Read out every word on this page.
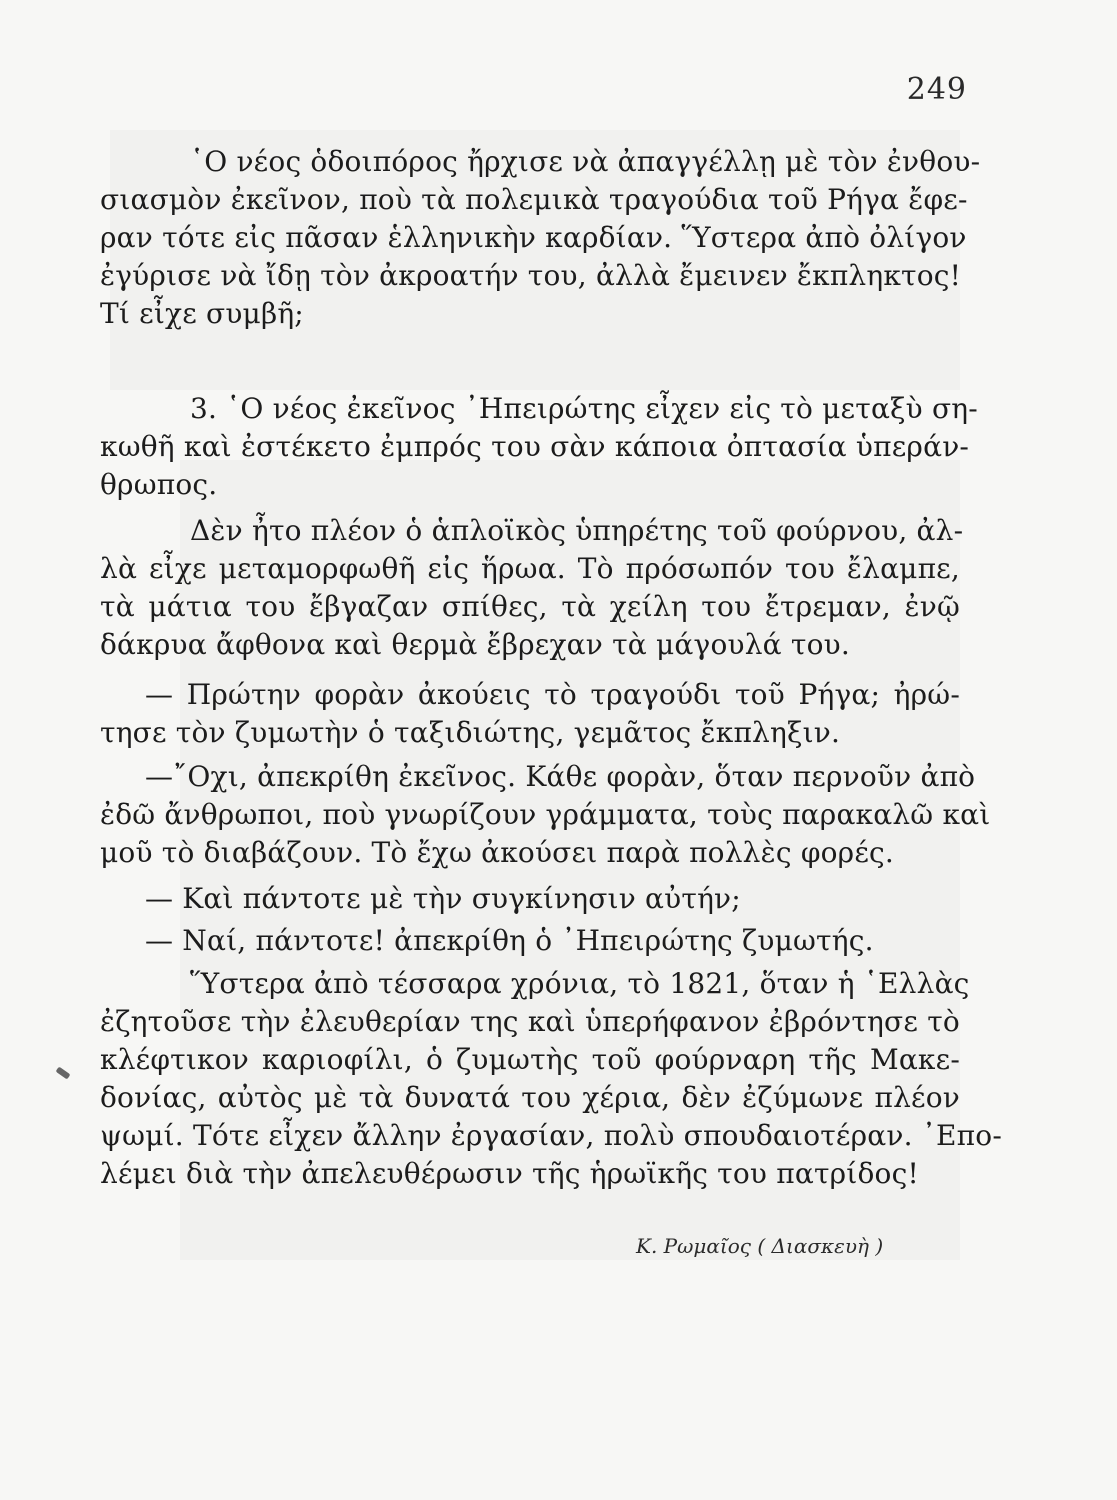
249
῾Ο νέος ὁδοιπόρος ἤρχισε νὰ ἀπαγγέλλῃ μὲ τὸν ἐνθου-
σιασμὸν ἐκεῖνον, ποὺ τὰ πολεμικὰ τραγούδια τοῦ Ρήγα ἔφε-
ραν τότε εἰς πᾶσαν ἑλληνικὴν καρδίαν. Ὕστερα ἀπὸ ὀλίγον
ἐγύρισε νὰ ἴδῃ τὸν ἀκροατήν του, ἀλλὰ ἔμεινεν ἔκπληκτος!
Τί εἶχε συμβῆ;
3. ῾Ο νέος ἐκεῖνος ᾿Ηπειρώτης εἶχεν εἰς τὸ μεταξὺ ση-
κωθῆ καὶ ἐστέκετο ἐμπρός του σὰν κάποια ὀπτασία ὑπεράν-
θρωπος.
Δὲν ἦτο πλέον ὁ ἁπλοϊκὸς ὑπηρέτης τοῦ φούρνου, ἀλ-
λὰ εἶχε μεταμορφωθῆ εἰς ἥρωα. Τὸ πρόσωπόν του ἔλαμπε,
τὰ μάτια του ἔβγαζαν σπίθες, τὰ χείλη του ἔτρεμαν, ἐνῷ
δάκρυα ἄφθονα καὶ θερμὰ ἔβρεχαν τὰ μάγουλά του.
— Πρώτην φορὰν ἀκούεις τὸ τραγούδι τοῦ Ρήγα; ἠρώ-
τησε τὸν ζυμωτὴν ὁ ταξιδιώτης, γεμᾶτος ἔκπληξιν.
—῎Οχι, ἀπεκρίθη ἐκεῖνος. Κάθε φορὰν, ὅταν περνοῦν ἀπὸ
ἐδῶ ἄνθρωποι, ποὺ γνωρίζουν γράμματα, τοὺς παρακαλῶ καὶ
μοῦ τὸ διαβάζουν. Τὸ ἔχω ἀκούσει παρὰ πολλὲς φορές.
— Καὶ πάντοτε μὲ τὴν συγκίνησιν αὐτήν;
— Ναί, πάντοτε! ἀπεκρίθη ὁ ᾿Ηπειρώτης ζυμωτής.
Ὕστερα ἀπὸ τέσσαρα χρόνια, τὸ 1821, ὅταν ἡ ῾Ελλὰς
ἐζητοῦσε τὴν ἐλευθερίαν της καὶ ὑπερήφανον ἐβρόντησε τὸ
κλέφτικον καριοφίλι, ὁ ζυμωτὴς τοῦ φούρναρη τῆς Μακε-
δονίας, αὐτὸς μὲ τὰ δυνατά του χέρια, δὲν ἐζύμωνε πλέον
ψωμί. Τότε εἶχεν ἄλλην ἐργασίαν, πολὺ σπουδαιοτέραν. ᾿Επο-
λέμει διὰ τὴν ἀπελευθέρωσιν τῆς ἡρωϊκῆς του πατρίδος!
Κ. Ρωμαῖος ( Διασκευὴ )
